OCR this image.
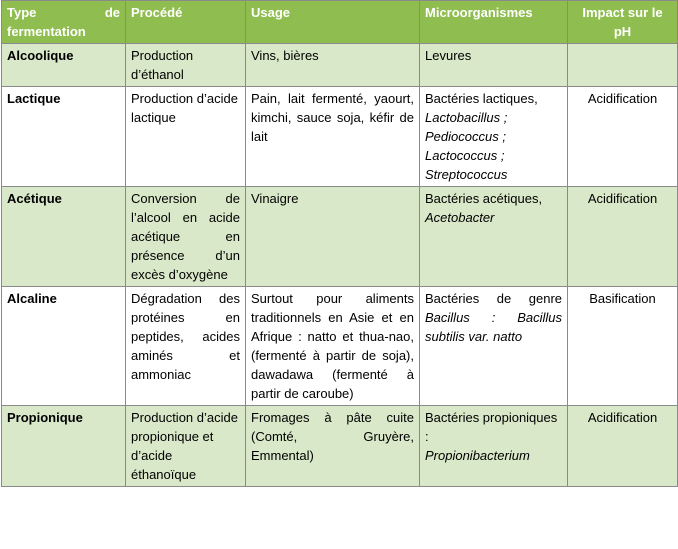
Type de fermentation	Procédé	Usage	Microorganismes	Impact sur le pH
Alcoolique	Production d’éthanol	Vins, bières	Levures	
Lactique	Production d’acide lactique	Pain, lait fermenté, yaourt, kimchi, sauce soja, kéfir de lait	Bactéries lactiques,
Lactobacillus ;
Pediococcus ;
Lactococcus ;
Streptococcus	Acidification
Acétique	Conversion de l’alcool en acide acétique en présence d’un excès d’oxygène	Vinaigre	Bactéries acétiques,
Acetobacter	Acidification
Alcaline	Dégradation des protéines en peptides, acides aminés et ammoniac	Surtout pour aliments traditionnels en Asie et en Afrique : natto et thua-nao, (fermenté à partir de soja), dawadawa (fermenté à partir de caroube)	Bactéries de genre Bacillus : Bacillus subtilis var. natto	Basification
Propionique	Production d’acide propionique et d’acide éthanoïque	Fromages à pâte cuite (Comté, Gruyère, Emmental)	Bactéries propioniques :
Propionibacterium	Acidification
